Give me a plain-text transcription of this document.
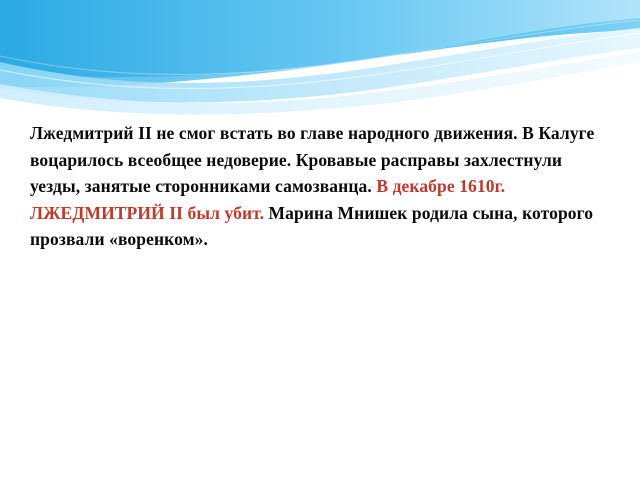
Лжедмитрий II не смог встать во главе народного движения. В Калуге воцарилось всеобщее недоверие. Кровавые расправы захлестнули уезды, занятые сторонниками самозванца. В декабре 1610г. ЛЖЕДМИТРИЙ II был убит. Марина Мнишек родила сына, которого прозвали «воренком».
